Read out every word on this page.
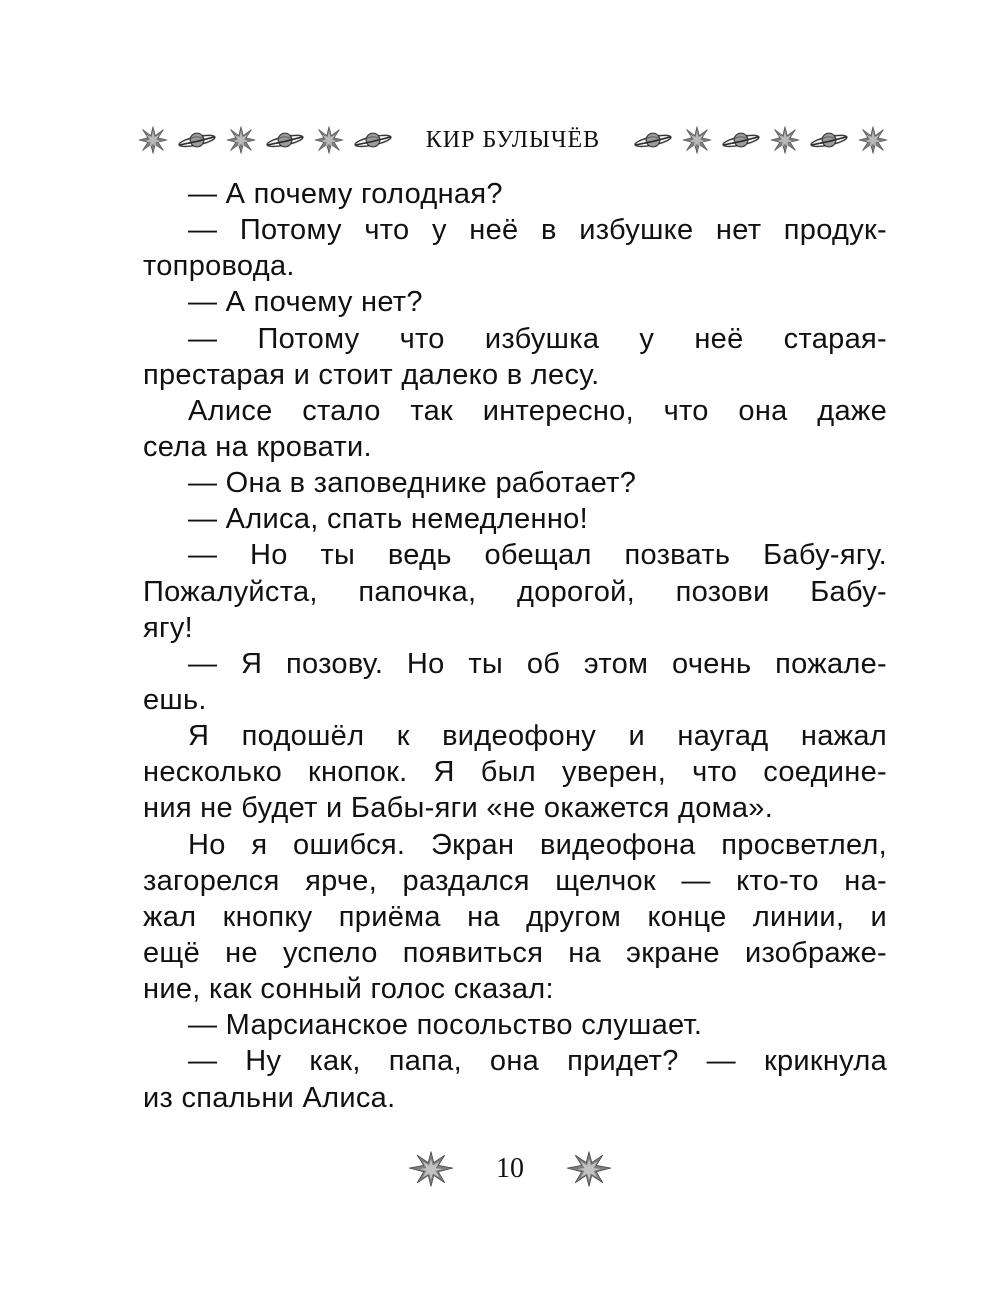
КИР БУЛЫЧЁВ
— А почему голодная?
— Потому что у неё в избушке нет продук-
топровода.
— А почему нет?
— Потому что избушка у неё старая-
престарая и стоит далеко в лесу.
Алисе стало так интересно, что она даже
села на кровати.
— Она в заповеднике работает?
— Алиса, спать немедленно!
— Но ты ведь обещал позвать Бабу-ягу.
Пожалуйста, папочка, дорогой, позови Бабу-
ягу!
— Я позову. Но ты об этом очень пожале-
ешь.
Я подошёл к видеофону и наугад нажал
несколько кнопок. Я был уверен, что соедине-
ния не будет и Бабы-яги «не окажется дома».
Но я ошибся. Экран видеофона просветлел,
загорелся ярче, раздался щелчок — кто-то на-
жал кнопку приёма на другом конце линии, и
ещё не успело появиться на экране изображе-
ние, как сонный голос сказал:
— Марсианское посольство слушает.
— Ну как, папа, она придет? — крикнула
из спальни Алиса.
10
